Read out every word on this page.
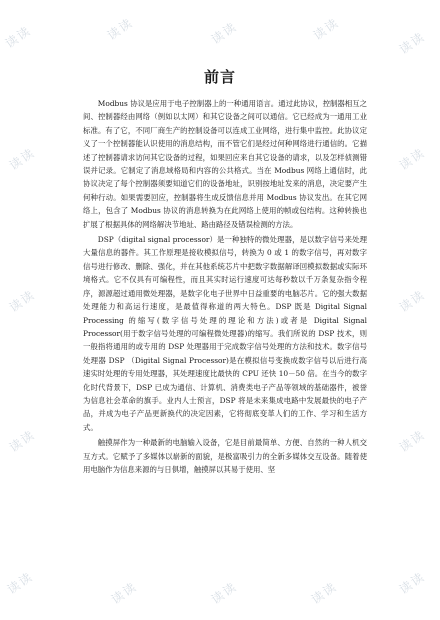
读读	读读	读读	读读
读读
读读	读读
读读	读读
读读	读读
读读	读读	读读	读读	读读
前言

Modbus 协议是应用于电子控制器上的一种通用语言。通过此协议，控制器相互之间、控制器经由网络（例如以太网）和其它设备之间可以通信。它已经成为一通用工业标准。有了它，不同厂商生产的控制设备可以连成工业网络，进行集中监控。此协议定义了一个控制器能认识使用的消息结构，而不管它们是经过何种网络进行通信的。它描述了控制器请求访问其它设备的过程，如果回应来自其它设备的请求，以及怎样侦测错误并记录。它制定了消息域格局和内容的公共格式。当在 Modbus 网络上通信时，此协议决定了每个控制器须要知道它们的设备地址，识别按地址发来的消息，决定要产生何种行动。如果需要回应，控制器将生成反馈信息并用 Modbus 协议发出。在其它网络上，包含了 Modbus 协议的消息转换为在此网络上使用的帧或包结构。这种转换也扩展了根据具体的网络解决节地址、路由路径及错误检测的方法。

DSP（digital signal processor）是一种独特的微处理器，是以数字信号来处理大量信息的器件。其工作原理是接收模拟信号，转换为 0 或 1 的数字信号，再对数字信号进行修改、删除、强化，并在其他系统芯片中把数字数据解译回模拟数据或实际环境格式。它不仅具有可编程性，而且其实时运行速度可达每秒数以千万条复杂指令程序，源源超过通用微处理器，是数字化电子世界中日益重要的电脑芯片。它的强大数据处理能力和高运行速度，是最值得称道的两大特色。DSP 既是 Digital Signal Processing 的缩写(数字信号处理的理论和方法)或者是 Digital Signal Processor(用于数字信号处理的可编程微处理器)的缩写。我们所说的 DSP 技术，则一般指将通用的或专用的 DSP 处理器用于完成数字信号处理的方法和技术。数字信号处理器 DSP （Digital Signal Processor)是在模拟信号变换成数字信号以后进行高速实时处理的专用处理器，其处理速度比最快的 CPU 还快 10－50 倍。在当今的数字化时代背景下，DSP 已成为通信、计算机、消费类电子产品等领域的基础器件，被誉为信息社会革命的旗手。业内人士预言，DSP 将是未来集成电路中发展最快的电子产品，并成为电子产品更新换代的决定因素，它将彻底变革人们的工作、学习和生活方式。

触摸屏作为一种最新的电脑输入设备，它是目前最简单、方便、自然的一种人机交互方式。它赋予了多媒体以崭新的面貌，是极富吸引力的全新多媒体交互设备。随着使用电脑作为信息来源的与日俱增，触摸屏以其易于使用、坚
